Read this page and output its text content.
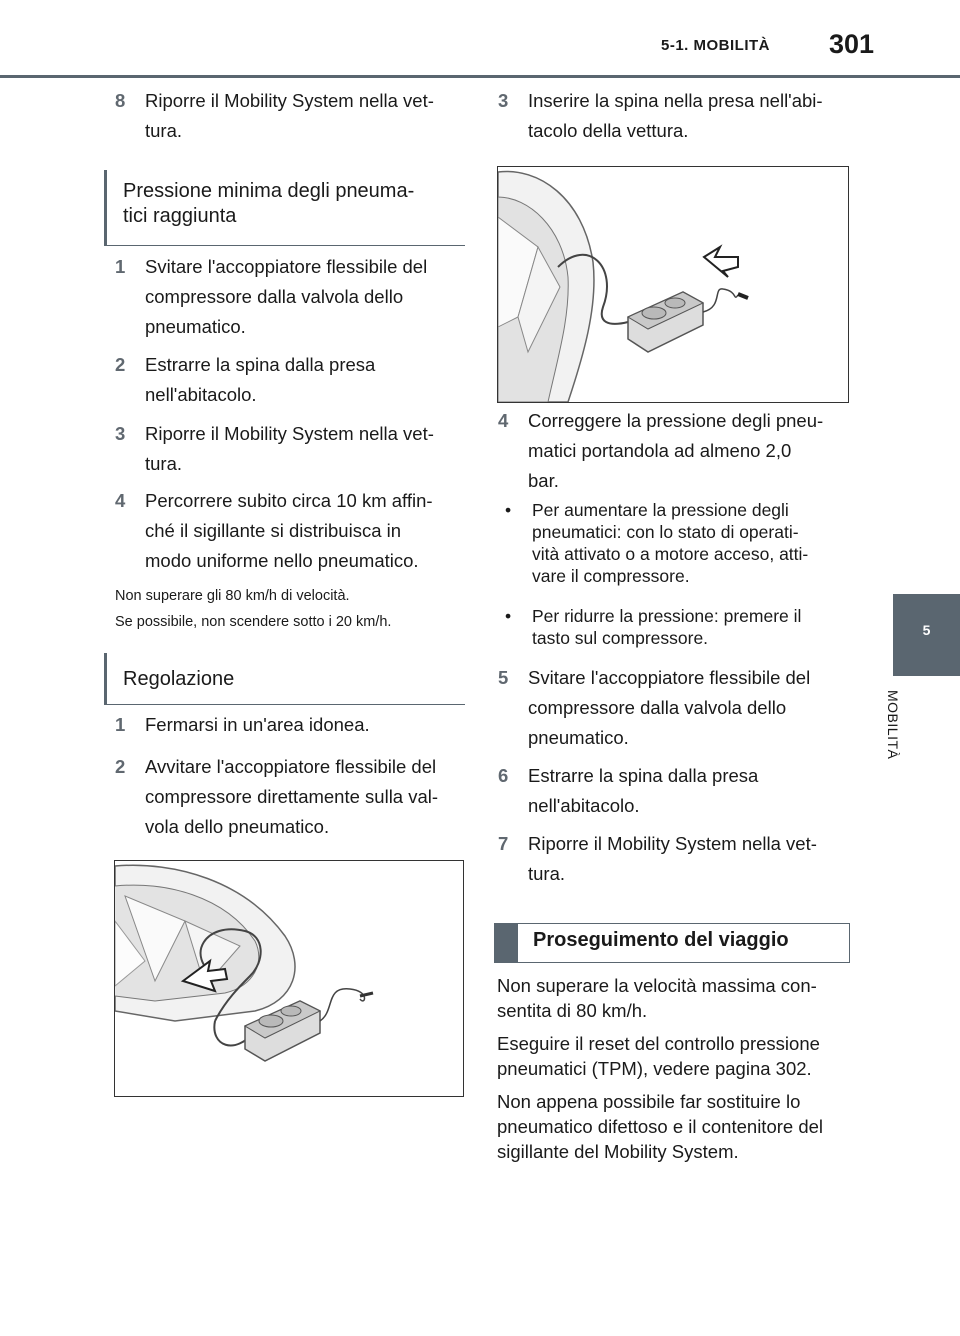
5-1. MOBILITÀ 301
5
MOBILITÀ
8 Riporre il Mobility System nella vet-
tura.
Pressione minima degli pneuma-
tici raggiunta
1 Svitare l'accoppiatore flessibile del
compressore dalla valvola dello
pneumatico.
2 Estrarre la spina dalla presa
nell'abitacolo.
3 Riporre il Mobility System nella vet-
tura.
4 Percorrere subito circa 10 km affin-
ché il sigillante si distribuisca in
modo uniforme nello pneumatico.
Non superare gli 80 km/h di velocità.
Se possibile, non scendere sotto i 20 km/h.
Regolazione
1 Fermarsi in un'area idonea.
2 Avvitare l'accoppiatore flessibile del
compressore direttamente sulla val-
vola dello pneumatico.
3 Inserire la spina nella presa nell'abi-
tacolo della vettura.
4 Correggere la pressione degli pneu-
matici portandola ad almeno 2,0
bar.
• Per aumentare la pressione degli
pneumatici: con lo stato di operati-
vità attivato o a motore acceso, atti-
vare il compressore.
• Per ridurre la pressione: premere il
tasto sul compressore.
5 Svitare l'accoppiatore flessibile del
compressore dalla valvola dello
pneumatico.
6 Estrarre la spina dalla presa
nell'abitacolo.
7 Riporre il Mobility System nella vet-
tura.
Proseguimento del viaggio
Non superare la velocità massima con-
sentita di 80 km/h.
Eseguire il reset del controllo pressione
pneumatici (TPM), vedere pagina 302.
Non appena possibile far sostituire lo
pneumatico difettoso e il contenitore del
sigillante del Mobility System.
